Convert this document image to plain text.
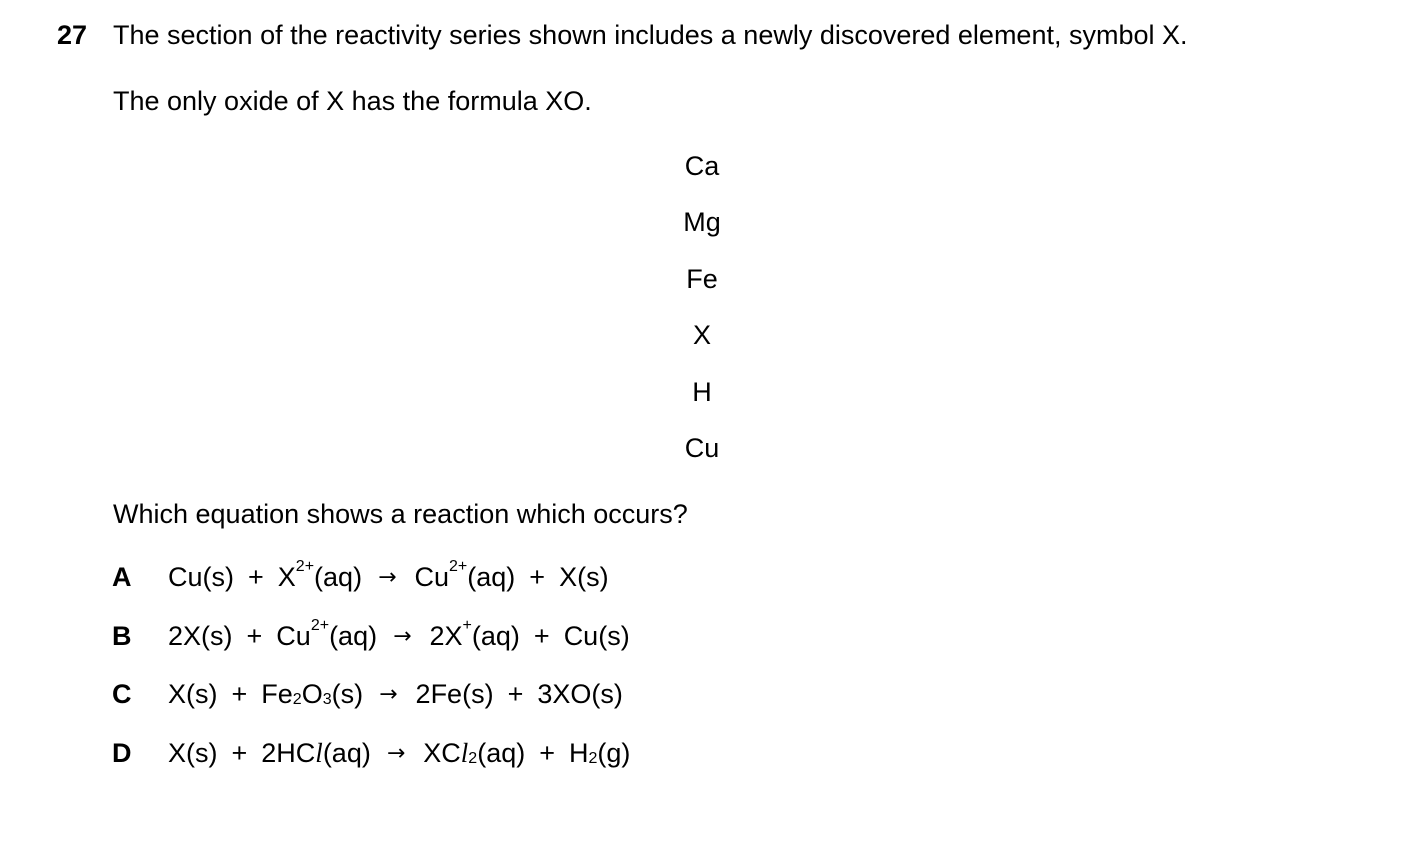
27 The section of the reactivity series shown includes a newly discovered element, symbol X.
The only oxide of X has the formula XO.
Ca
Mg
Fe
X
H
Cu
Which equation shows a reaction which occurs?
A $Cu(s) + X^{2+}(aq) \to Cu^{2+}(aq) + X(s)$
B $2X(s) + Cu^{2+}(aq) \to 2X^+(aq) + Cu(s)$
C $X(s) + Fe_2O_3(s) \to 2Fe(s) + 3XO(s)$
D $X(s) + 2HCl(aq) \to XCl_2(aq) + H_2(g)$
